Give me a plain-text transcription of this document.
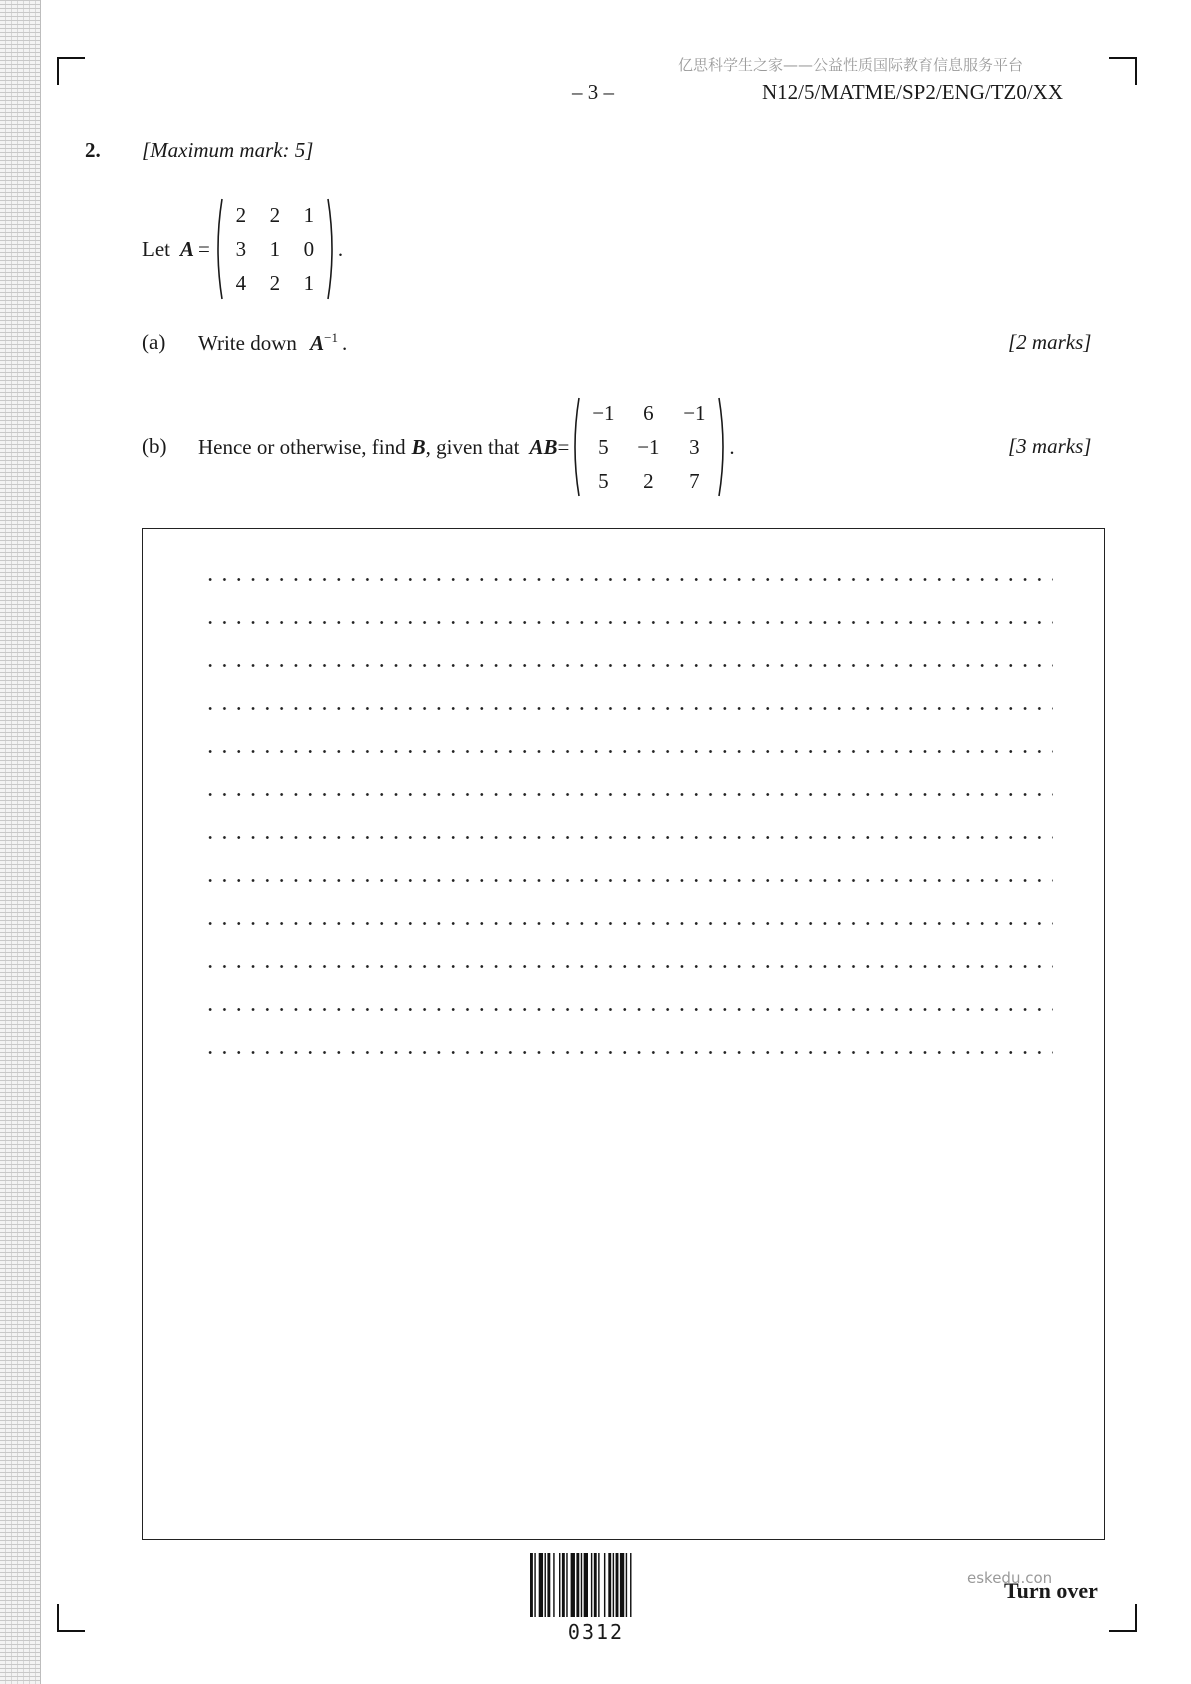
亿思科学生之家——公益性质国际教育信息服务平台
– 3 –	N12/5/MATME/SP2/ENG/TZ0/XX
2. [Maximum mark: 5]
Let A =
2	2	1
3	1	0
4	2	1
.
(a) Write down $A^{-1}$ .	[2 marks]
(b) Hence or otherwise, find B , given that AB =
−1	6	−1
5	−1	3
5	2	7
.	[3 marks]
0312
eskedu.con
Turn over
